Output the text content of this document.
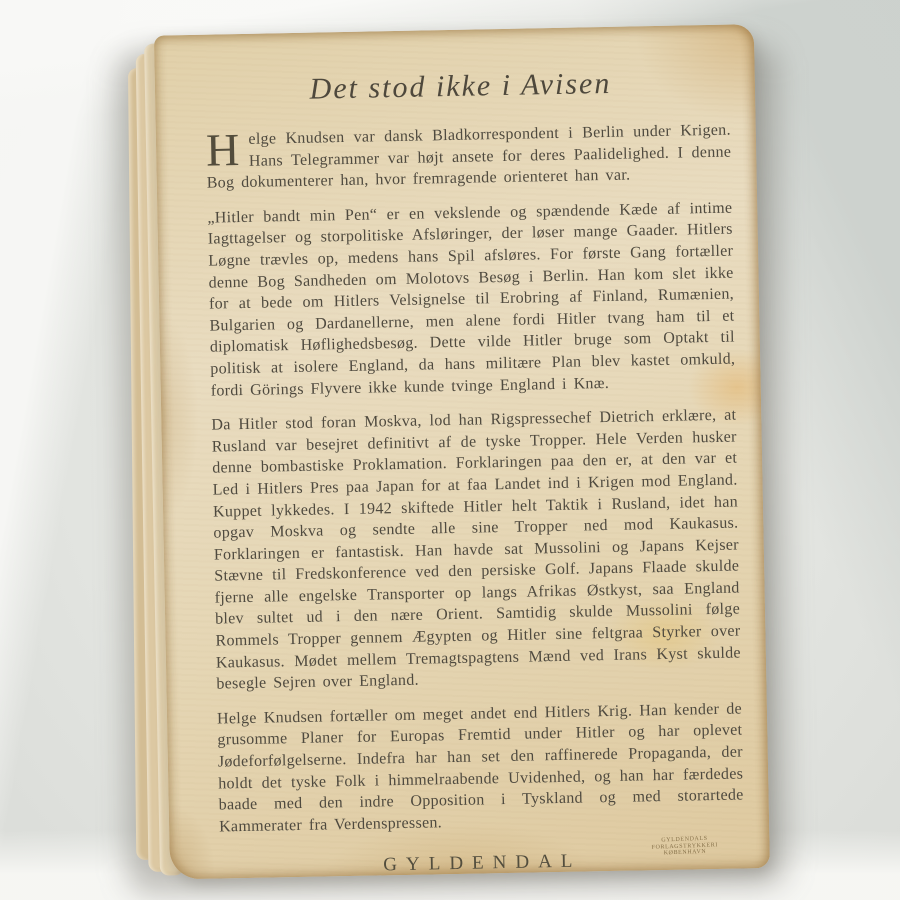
Det stod ikke i Avisen

Helge Knudsen var dansk Bladkorrespondent i Berlin under Krigen. Hans Telegrammer var højt ansete for deres Paalidelighed. I denne Bog dokumenterer han, hvor fremragende orienteret han var.

„Hitler bandt min Pen“ er en vekslende og spændende Kæde af intime Iagttagelser og storpolitiske Afsløringer, der løser mange Gaader. Hitlers Løgne trævles op, medens hans Spil afsløres. For første Gang fortæller denne Bog Sandheden om Molotovs Besøg i Berlin. Han kom slet ikke for at bede om Hitlers Velsignelse til Erobring af Finland, Rumænien, Bulgarien og Dardanellerne, men alene fordi Hitler tvang ham til et diplomatisk Høflighedsbesøg. Dette vilde Hitler bruge som Optakt til politisk at isolere England, da hans militære Plan blev kastet omkuld, fordi Görings Flyvere ikke kunde tvinge England i Knæ.

Da Hitler stod foran Moskva, lod han Rigspressechef Dietrich erklære, at Rusland var besejret definitivt af de tyske Tropper. Hele Verden husker denne bombastiske Proklamation. Forklaringen paa den er, at den var et Led i Hitlers Pres paa Japan for at faa Landet ind i Krigen mod England. Kuppet lykkedes. I 1942 skiftede Hitler helt Taktik i Rusland, idet han opgav Moskva og sendte alle sine Tropper ned mod Kaukasus. Forklaringen er fantastisk. Han havde sat Mussolini og Japans Kejser Stævne til Fredskonference ved den persiske Golf. Japans Flaade skulde fjerne alle engelske Transporter op langs Afrikas Østkyst, saa England blev sultet ud i den nære Orient. Samtidig skulde Mussolini følge Rommels Tropper gennem Ægypten og Hitler sine feltgraa Styrker over Kaukasus. Mødet mellem Tremagtspagtens Mænd ved Irans Kyst skulde besegle Sejren over England.

Helge Knudsen fortæller om meget andet end Hitlers Krig. Han kender de grusomme Planer for Europas Fremtid under Hitler og har oplevet Jødeforfølgelserne. Indefra har han set den raffinerede Propaganda, der holdt det tyske Folk i himmelraabende Uvidenhed, og han har færdedes baade med den indre Opposition i Tyskland og med storartede Kammerater fra Verdenspressen.

GYLDENDAL
GYLDENDALS
FORLAGSTRYKKERI
KØBENHAVN
